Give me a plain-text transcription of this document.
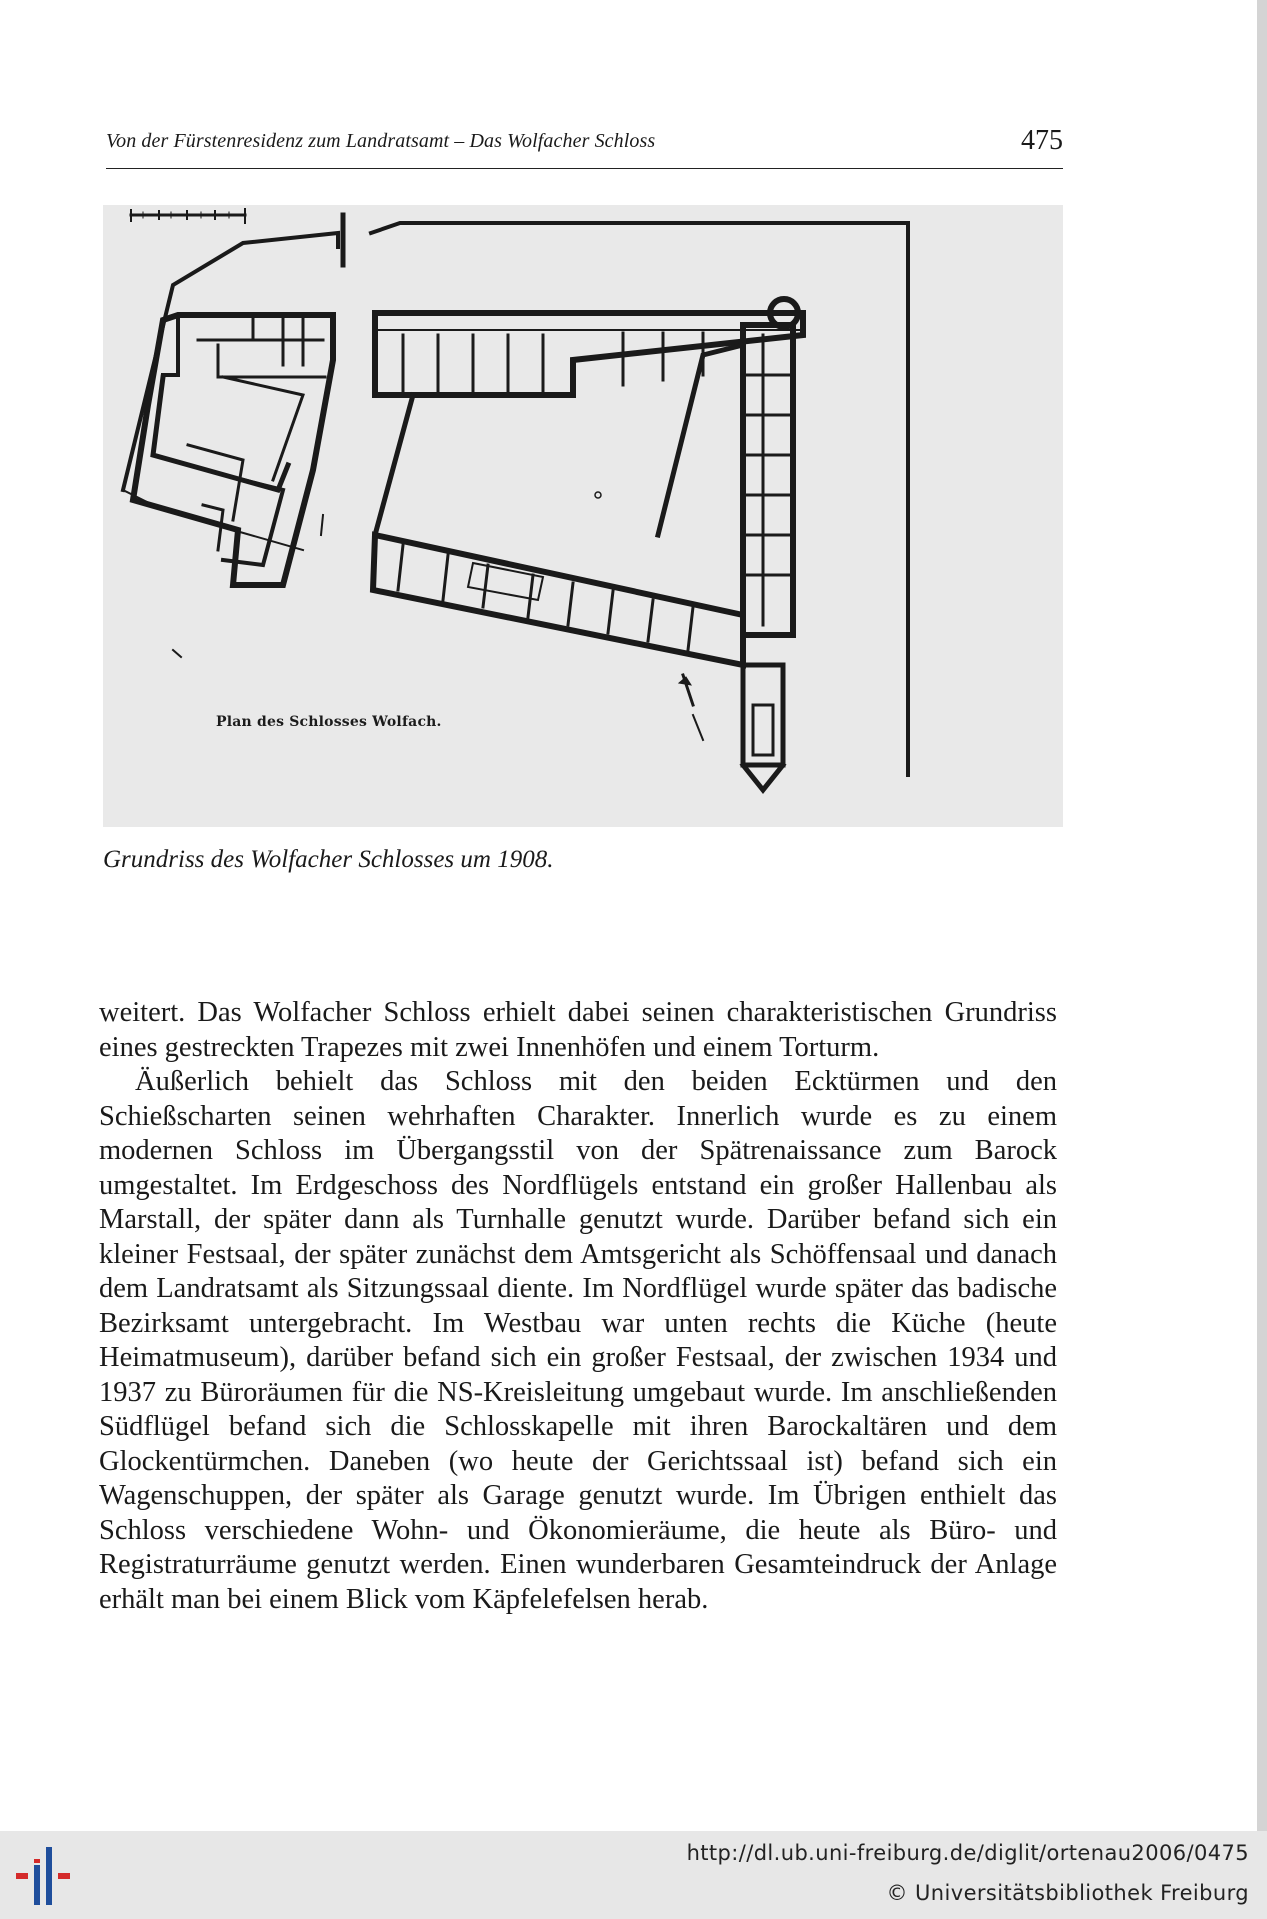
Von der Fürstenresidenz zum Landratsamt – Das Wolfacher Schloss	475
Plan des Schlosses Wolfach.
Grundriss des Wolfacher Schlosses um 1908.

weitert. Das Wolfacher Schloss erhielt dabei seinen charakteristischen Grundriss eines gestreckten Trapezes mit zwei Innenhöfen und einem Torturm.

Äußerlich behielt das Schloss mit den beiden Ecktürmen und den Schießscharten seinen wehrhaften Charakter. Innerlich wurde es zu einem modernen Schloss im Übergangsstil von der Spätrenaissance zum Barock umgestaltet. Im Erdgeschoss des Nordflügels entstand ein großer Hallenbau als Marstall, der später dann als Turnhalle genutzt wurde. Darüber befand sich ein kleiner Festsaal, der später zunächst dem Amtsgericht als Schöffensaal und danach dem Landratsamt als Sitzungssaal diente. Im Nordflügel wurde später das badische Bezirksamt untergebracht. Im Westbau war unten rechts die Küche (heute Heimatmuseum), darüber befand sich ein großer Festsaal, der zwischen 1934 und 1937 zu Büroräumen für die NS-Kreisleitung umgebaut wurde. Im anschließenden Südflügel befand sich die Schlosskapelle mit ihren Barockaltären und dem Glockentürmchen. Daneben (wo heute der Gerichtssaal ist) befand sich ein Wagenschuppen, der später als Garage genutzt wurde. Im Übrigen enthielt das Schloss verschiedene Wohn- und Ökonomieräume, die heute als Büro- und Registraturräume genutzt werden. Einen wunderbaren Gesamteindruck der Anlage erhält man bei einem Blick vom Käpfelefelsen herab.

http://dl.ub.uni-freiburg.de/diglit/ortenau2006/0475
© Universitätsbibliothek Freiburg
